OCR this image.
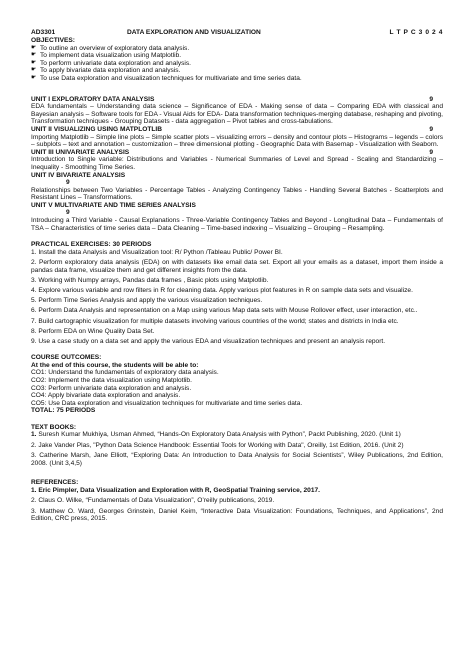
AD3301	DATA EXPLORATION AND VISUALIZATION	L T P C 3 0 2 4
OBJECTIVES:
☛ To outline an overview of exploratory data analysis.
☛ To implement data visualization using Matplotlib.
☛ To perform univariate data exploration and analysis.
☛ To apply bivariate data exploration and analysis.
☛ To use Data exploration and visualization techniques for multivariate and time series data.
UNIT I EXPLORATORY DATA ANALYSIS	9
EDA fundamentals – Understanding data science – Significance of EDA - Making sense of data – Comparing EDA with classical and Bayesian analysis – Software tools for EDA - Visual Aids for EDA- Data transformation techniques-merging database, reshaping and pivoting, Transformation techniques - Grouping Datasets - data aggregation – Pivot tables and cross-tabulations.
UNIT II VISUALIZING USING MATPLOTLIB	9
Importing Matplotlib – Simple line plots – Simple scatter plots – visualizing errors – density and contour plots – Histograms – legends – colors – subplots – text and annotation – customization – three dimensional plotting - Geographic Data with Basemap - Visualization with Seaborn.
UNIT III UNIVARIATE ANALYSIS	9
Introduction to Single variable: Distributions and Variables - Numerical Summaries of Level and Spread - Scaling and Standardizing – Inequality - Smoothing Time Series.
UNIT IV BIVARIATE ANALYSIS
9
Relationships between Two Variables - Percentage Tables - Analyzing Contingency Tables - Handling Several Batches - Scatterplots and Resistant Lines – Transformations.
UNIT V MULTIVARIATE AND TIME SERIES ANALYSIS
9
Introducing a Third Variable - Causal Explanations - Three-Variable Contingency Tables and Beyond - Longitudinal Data – Fundamentals of TSA – Characteristics of time series data – Data Cleaning – Time-based indexing – Visualizing – Grouping – Resampling.
PRACTICAL EXERCISES: 30 PERIODS
1. Install the data Analysis and Visualization tool: R/ Python /Tableau Public/ Power BI.
2. Perform exploratory data analysis (EDA) on with datasets like email data set. Export all your emails as a dataset, import them inside a pandas data frame, visualize them and get different insights from the data.
3. Working with Numpy arrays, Pandas data frames , Basic plots using Matplotlib.
4. Explore various variable and row filters in R for cleaning data. Apply various plot features in R on sample data sets and visualize.
5. Perform Time Series Analysis and apply the various visualization techniques.
6. Perform Data Analysis and representation on a Map using various Map data sets with Mouse Rollover effect, user interaction, etc..
7. Build cartographic visualization for multiple datasets involving various countries of the world; states and districts in India etc.
8. Perform EDA on Wine Quality Data Set.
9. Use a case study on a data set and apply the various EDA and visualization techniques and present an analysis report.
COURSE OUTCOMES:
At the end of this course, the students will be able to:
CO1: Understand the fundamentals of exploratory data analysis.
CO2: Implement the data visualization using Matplotlib.
CO3: Perform univariate data exploration and analysis.
CO4: Apply bivariate data exploration and analysis.
CO5: Use Data exploration and visualization techniques for multivariate and time series data.
TOTAL: 75 PERIODS
TEXT BOOKS:
1. Suresh Kumar Mukhiya, Usman Ahmed, “Hands-On Exploratory Data Analysis with Python”, Packt Publishing, 2020. (Unit 1)
2. Jake Vander Plas, "Python Data Science Handbook: Essential Tools for Working with Data", Oreilly, 1st Edition, 2016. (Unit 2)
3. Catherine Marsh, Jane Elliott, “Exploring Data: An Introduction to Data Analysis for Social Scientists”, Wiley Publications, 2nd Edition, 2008. (Unit 3,4,5)
REFERENCES:
1. Eric Pimpler, Data Visualization and Exploration with R, GeoSpatial Training service, 2017.
2. Claus O. Wilke, “Fundamentals of Data Visualization”, O’reilly publications, 2019.
3. Matthew O. Ward, Georges Grinstein, Daniel Keim, “Interactive Data Visualization: Foundations, Techniques, and Applications”, 2nd Edition, CRC press, 2015.
